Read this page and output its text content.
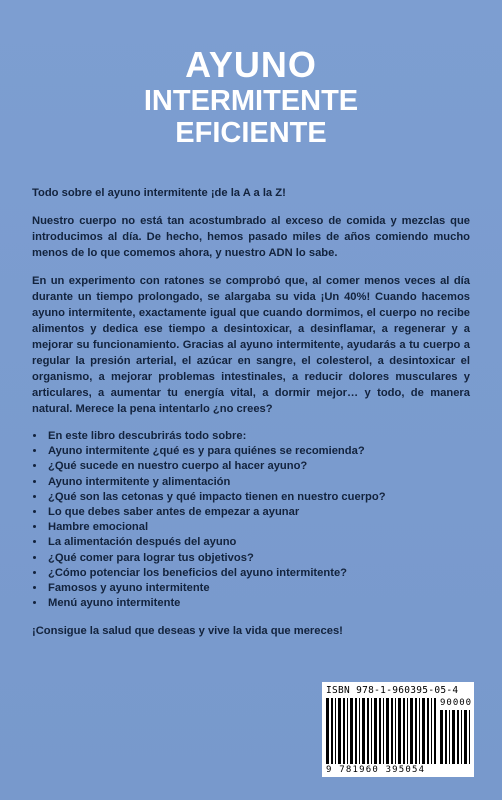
AYUNO
INTERMITENTE
EFICIENTE

Todo sobre el ayuno intermitente ¡de la A a la Z!

Nuestro cuerpo no está tan acostumbrado al exceso de comida y mezclas que introducimos al día. De hecho, hemos pasado miles de años comiendo mucho menos de lo que comemos ahora, y nuestro ADN lo sabe.

En un experimento con ratones se comprobó que, al comer menos veces al día durante un tiempo prolongado, se alargaba su vida ¡Un 40%! Cuando hacemos ayuno intermitente, exactamente igual que cuando dormimos, el cuerpo no recibe alimentos y dedica ese tiempo a desintoxicar, a desinflamar, a regenerar y a mejorar su funcionamiento. Gracias al ayuno intermitente, ayudarás a tu cuerpo a regular la presión arterial, el azúcar en sangre, el colesterol, a desintoxicar el organismo, a mejorar problemas intestinales, a reducir dolores musculares y articulares, a aumentar tu energía vital, a dormir mejor… y todo, de manera natural. Merece la pena intentarlo ¿no crees?

• En este libro descubrirás todo sobre:
• Ayuno intermitente ¿qué es y para quiénes se recomienda?
• ¿Qué sucede en nuestro cuerpo al hacer ayuno?
• Ayuno intermitente y alimentación
• ¿Qué son las cetonas y qué impacto tienen en nuestro cuerpo?
• Lo que debes saber antes de empezar a ayunar
• Hambre emocional
• La alimentación después del ayuno
• ¿Qué comer para lograr tus objetivos?
• ¿Cómo potenciar los beneficios del ayuno intermitente?
• Famosos y ayuno intermitente
• Menú ayuno intermitente

¡Consigue la salud que deseas y vive la vida que mereces!

ISBN 978-1-960395-05-4
90000
9 781960 395054
